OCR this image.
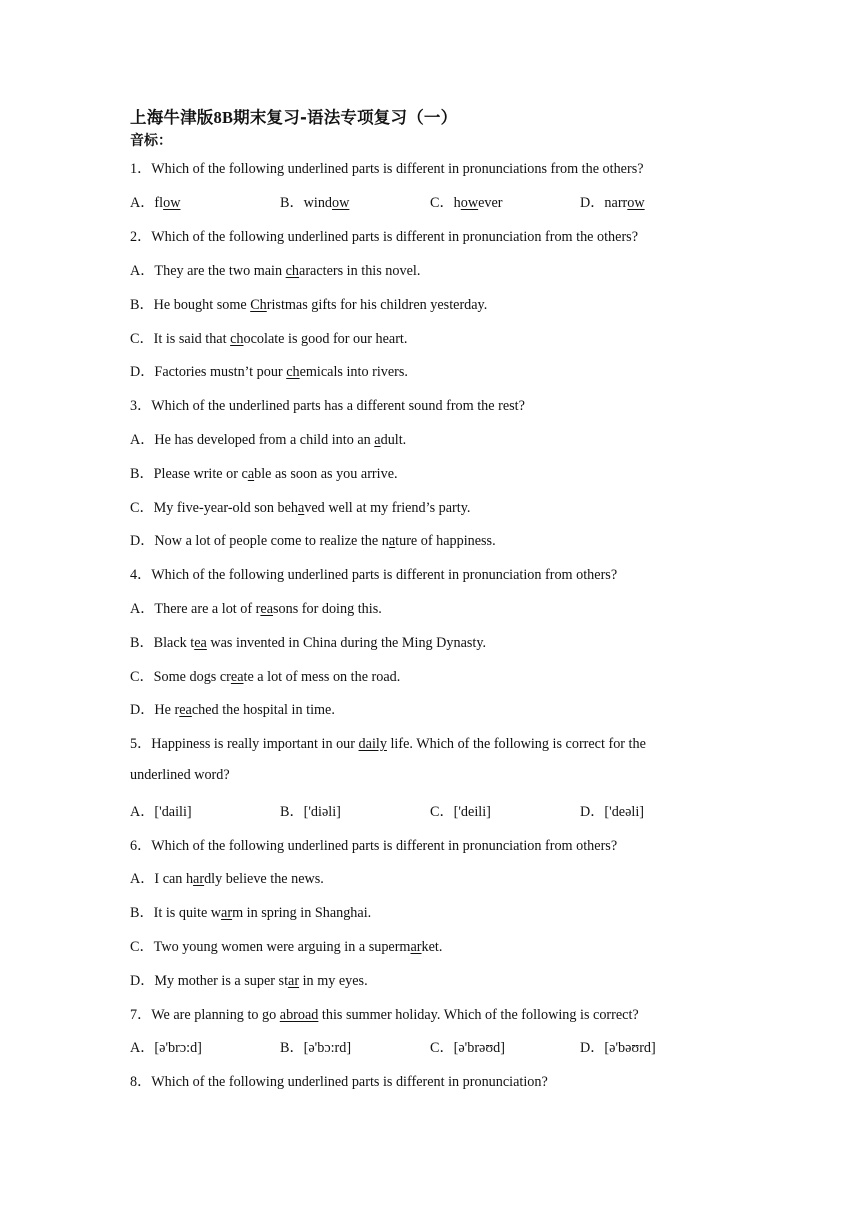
上海牛津版8B期末复习-语法专项复习（一）
音标：
1．Which of the following underlined parts is different in pronunciations from the others?
A．flow	B．window	C．however	D．narrow
2．Which of the following underlined parts is different in pronunciation from the others?
A．They are the two main characters in this novel.
B．He bought some Christmas gifts for his children yesterday.
C．It is said that chocolate is good for our heart.
D．Factories mustn’t pour chemicals into rivers.
3．Which of the underlined parts has a different sound from the rest?
A．He has developed from a child into an adult.
B．Please write or cable as soon as you arrive.
C．My five-year-old son behaved well at my friend’s party.
D．Now a lot of people come to realize the nature of happiness.
4．Which of the following underlined parts is different in pronunciation from others?
A．There are a lot of reasons for doing this.
B．Black tea was invented in China during the Ming Dynasty.
C．Some dogs create a lot of mess on the road.
D．He reached the hospital in time.
5．Happiness is really important in our daily life. Which of the following is correct for the
underlined word?
A．['daili]	B．['diəli]	C．['deili]	D．['deəli]
6．Which of the following underlined parts is different in pronunciation from others?
A．I can hardly believe the news.
B．It is quite warm in spring in Shanghai.
C．Two young women were arguing in a supermarket.
D．My mother is a super star in my eyes.
7．We are planning to go abroad this summer holiday. Which of the following is correct?
A．[ə'brɔ:d]	B．[ə'bɔ:rd]	C．[ə'brəʊd]	D．[ə'bəʊrd]
8．Which of the following underlined parts is different in pronunciation?
